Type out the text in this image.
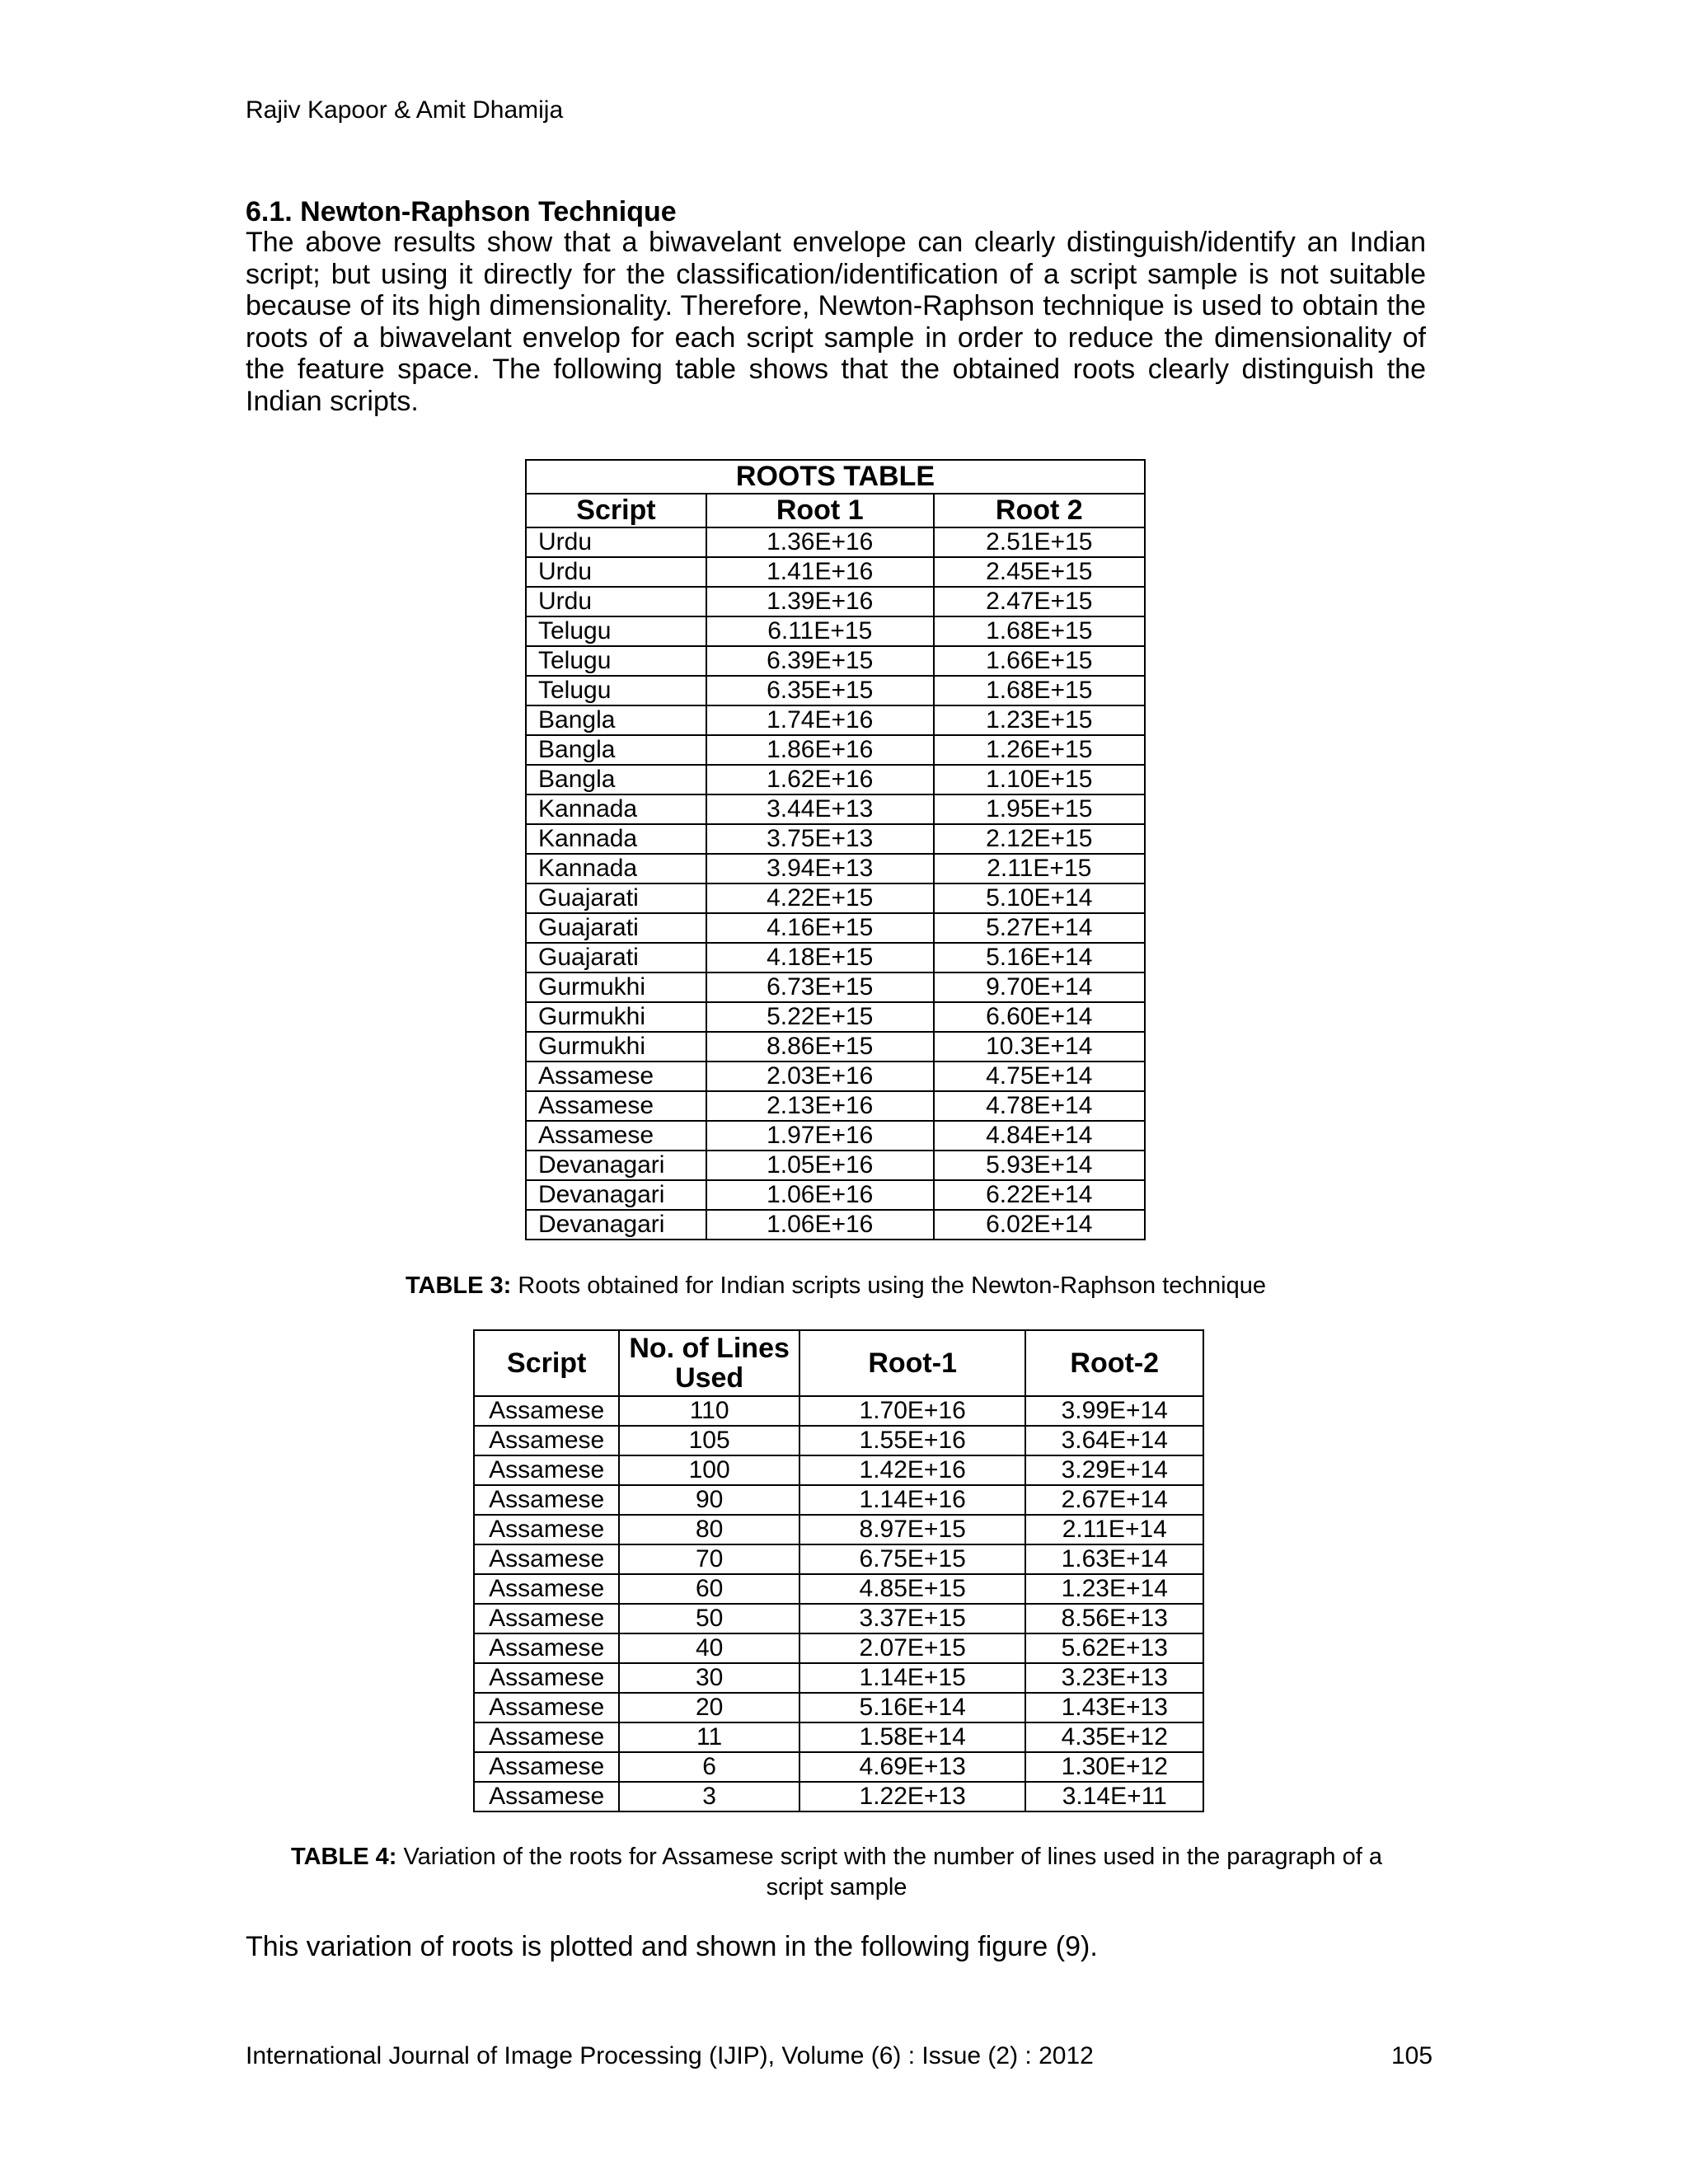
Rajiv Kapoor & Amit Dhamija
6.1. Newton-Raphson Technique

The above results show that a biwavelant envelope can clearly distinguish/identify an Indian script; but using it directly for the classification/identification of a script sample is not suitable because of its high dimensionality. Therefore, Newton-Raphson technique is used to obtain the roots of a biwavelant envelop for each script sample in order to reduce the dimensionality of the feature space. The following table shows that the obtained roots clearly distinguish the Indian scripts.

ROOTS TABLE		
Script	Root 1	Root 2
Urdu	1.36E+16	2.51E+15
Urdu	1.41E+16	2.45E+15
Urdu	1.39E+16	2.47E+15
Telugu	6.11E+15	1.68E+15
Telugu	6.39E+15	1.66E+15
Telugu	6.35E+15	1.68E+15
Bangla	1.74E+16	1.23E+15
Bangla	1.86E+16	1.26E+15
Bangla	1.62E+16	1.10E+15
Kannada	3.44E+13	1.95E+15
Kannada	3.75E+13	2.12E+15
Kannada	3.94E+13	2.11E+15
Guajarati	4.22E+15	5.10E+14
Guajarati	4.16E+15	5.27E+14
Guajarati	4.18E+15	5.16E+14
Gurmukhi	6.73E+15	9.70E+14
Gurmukhi	5.22E+15	6.60E+14
Gurmukhi	8.86E+15	10.3E+14
Assamese	2.03E+16	4.75E+14
Assamese	2.13E+16	4.78E+14
Assamese	1.97E+16	4.84E+14
Devanagari	1.05E+16	5.93E+14
Devanagari	1.06E+16	6.22E+14
Devanagari	1.06E+16	6.02E+14
TABLE 3: Roots obtained for Indian scripts using the Newton-Raphson technique
Script	No. of Lines Used	Root-1	Root-2
Assamese	110	1.70E+16	3.99E+14
Assamese	105	1.55E+16	3.64E+14
Assamese	100	1.42E+16	3.29E+14
Assamese	90	1.14E+16	2.67E+14
Assamese	80	8.97E+15	2.11E+14
Assamese	70	6.75E+15	1.63E+14
Assamese	60	4.85E+15	1.23E+14
Assamese	50	3.37E+15	8.56E+13
Assamese	40	2.07E+15	5.62E+13
Assamese	30	1.14E+15	3.23E+13
Assamese	20	5.16E+14	1.43E+13
Assamese	11	1.58E+14	4.35E+12
Assamese	6	4.69E+13	1.30E+12
Assamese	3	1.22E+13	3.14E+11
TABLE 4: Variation of the roots for Assamese script with the number of lines used in the paragraph of a script sample
This variation of roots is plotted and shown in the following figure (9).
International Journal of Image Processing (IJIP), Volume (6) : Issue (2) : 2012	105
